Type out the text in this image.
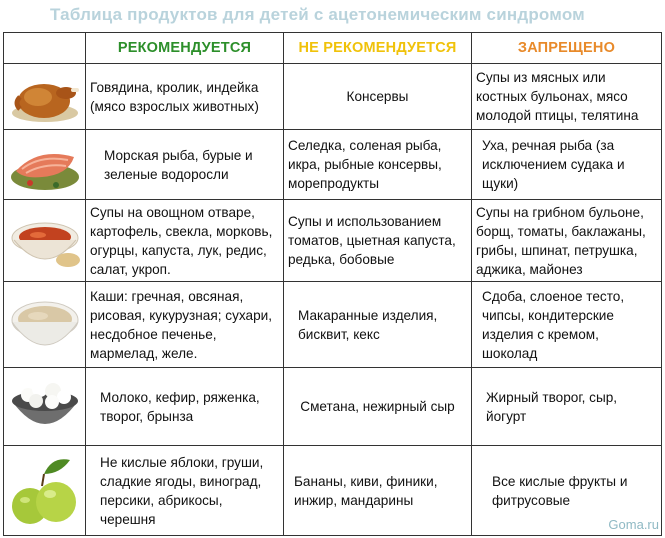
Таблица продуктов для детей с ацетонемическим синдромом
	РЕКОМЕНДУЕТСЯ	НЕ РЕКОМЕНДУЕТСЯ	ЗАПРЕЩЕНО

	Говядина, кролик, индейка (мясо взрослых животных)	Консервы	Супы из мясных или костных бульонах, мясо молодой птицы, телятина

	Морская рыба, бурые и зеленые водоросли	Селедка, соленая рыба, икра, рыбные консервы, морепродукты	Уха, речная рыба (за исключением судака и щуки)

	Супы на овощном отваре, картофель, свекла, морковь, огурцы, капуста, лук, редис, салат, укроп.	Супы и использованием томатов, цыетная капуста, редька, бобовые	Супы на грибном бульоне, борщ, томаты, баклажаны, грибы, шпинат, петрушка, аджика, майонез

	Каши: гречная, овсяная, рисовая, кукурузная; сухари, несдобное печенье, мармелад, желе.	Макаранные изделия, бисквит, кекс	Сдоба, слоеное тесто, чипсы, кондитерские изделия с кремом, шоколад

	Молоко, кефир, ряженка, творог, брынза	Сметана, нежирный сыр	Жирный творог, сыр, йогурт

	Не кислые яблоки, груши, сладкие ягоды, виноград, персики, абрикосы, черешня	Бананы, киви, финики, инжир, мандарины	Все кислые фрукты и фитрусовые
Goma.ru
